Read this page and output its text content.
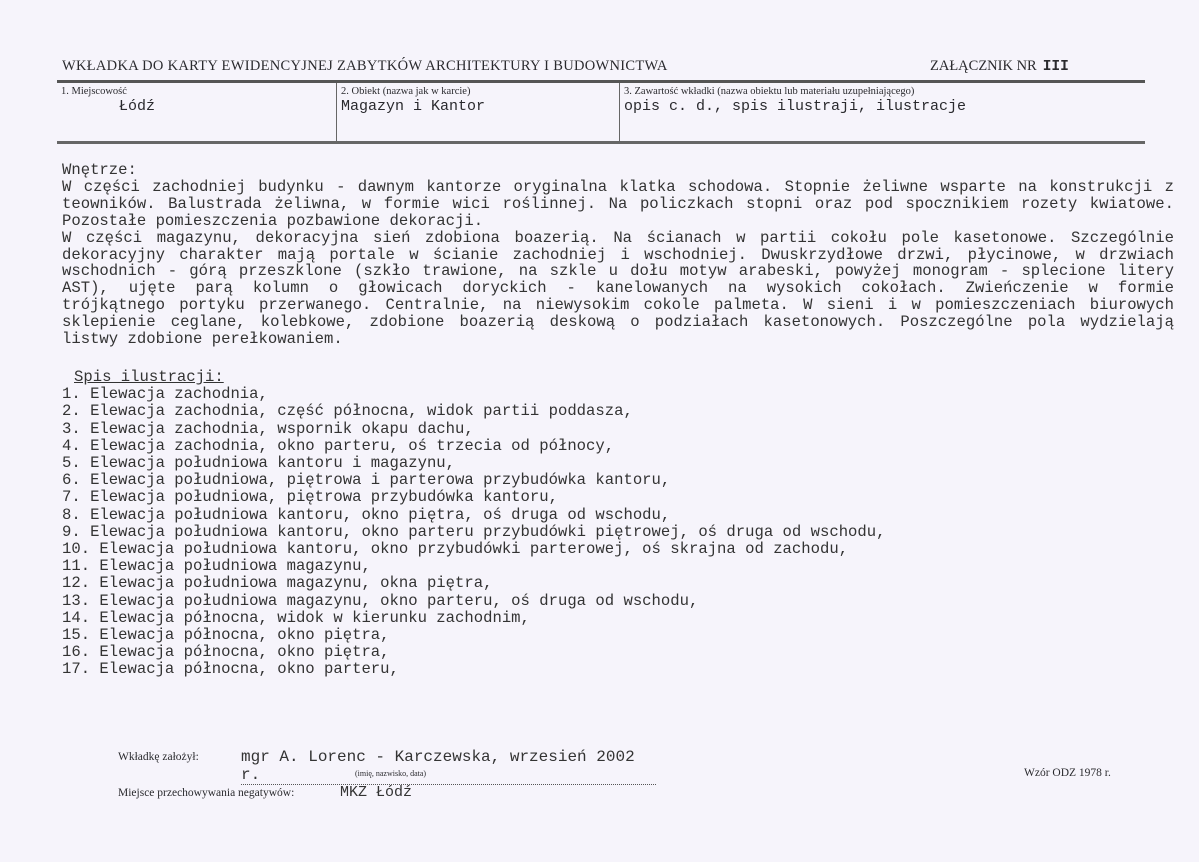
WKŁADKA DO KARTY EWIDENCYJNEJ ZABYTKÓW ARCHITEKTURY I BUDOWNICTWA	ZAŁĄCZNIK NR III
1. Miejscowość
Łódź
2. Obiekt (nazwa jak w karcie)
Magazyn i Kantor
3. Zawartość wkładki (nazwa obiektu lub materiału uzupełniającego)
opis c. d., spis ilustraji, ilustracje
Wnętrze:
W części zachodniej budynku - dawnym kantorze oryginalna klatka schodowa. Stopnie żeliwne wsparte na konstrukcji z
teowników. Balustrada żeliwna, w formie wici roślinnej. Na policzkach stopni oraz pod spocznikiem rozety kwiatowe.
Pozostałe pomieszczenia pozbawione dekoracji.
W części magazynu, dekoracyjna sień zdobiona boazerią. Na ścianach w partii cokołu pole kasetonowe. Szczególnie
dekoracyjny charakter mają portale w ścianie zachodniej i wschodniej. Dwuskrzydłowe drzwi, płycinowe, w drzwiach
wschodnich - górą przeszklone (szkło trawione, na szkle u dołu motyw arabeski, powyżej monogram - splecione litery
AST), ujęte parą kolumn o głowicach doryckich - kanelowanych na wysokich cokołach. Zwieńczenie w formie
trójkątnego portyku przerwanego. Centralnie, na niewysokim cokole palmeta. W sieni i w pomieszczeniach biurowych
sklepienie ceglane, kolebkowe, zdobione boazerią deskową o podziałach kasetonowych. Poszczególne pola wydzielają
listwy zdobione perełkowaniem.
Spis ilustracji:
1. Elewacja zachodnia,
2. Elewacja zachodnia, część północna, widok partii poddasza,
3. Elewacja zachodnia, wspornik okapu dachu,
4. Elewacja zachodnia, okno parteru, oś trzecia od północy,
5. Elewacja południowa kantoru i magazynu,
6. Elewacja południowa, piętrowa i parterowa przybudówka kantoru,
7. Elewacja południowa, piętrowa przybudówka kantoru,
8. Elewacja południowa kantoru, okno piętra, oś druga od wschodu,
9. Elewacja południowa kantoru, okno parteru przybudówki piętrowej, oś druga od wschodu,
10. Elewacja południowa kantoru, okno przybudówki parterowej, oś skrajna od zachodu,
11. Elewacja południowa magazynu,
12. Elewacja południowa magazynu, okna piętra,
13. Elewacja południowa magazynu, okno parteru, oś druga od wschodu,
14. Elewacja północna, widok w kierunku zachodnim,
15. Elewacja północna, okno piętra,
16. Elewacja północna, okno piętra,
17. Elewacja północna, okno parteru,
Wkładkę założył:	mgr A. Lorenc - Karczewska, wrzesień 2002 r.	(imię, nazwisko, data)	Wzór ODZ 1978 r.
Miejsce przechowywania negatywów:	MKZ Łódź
